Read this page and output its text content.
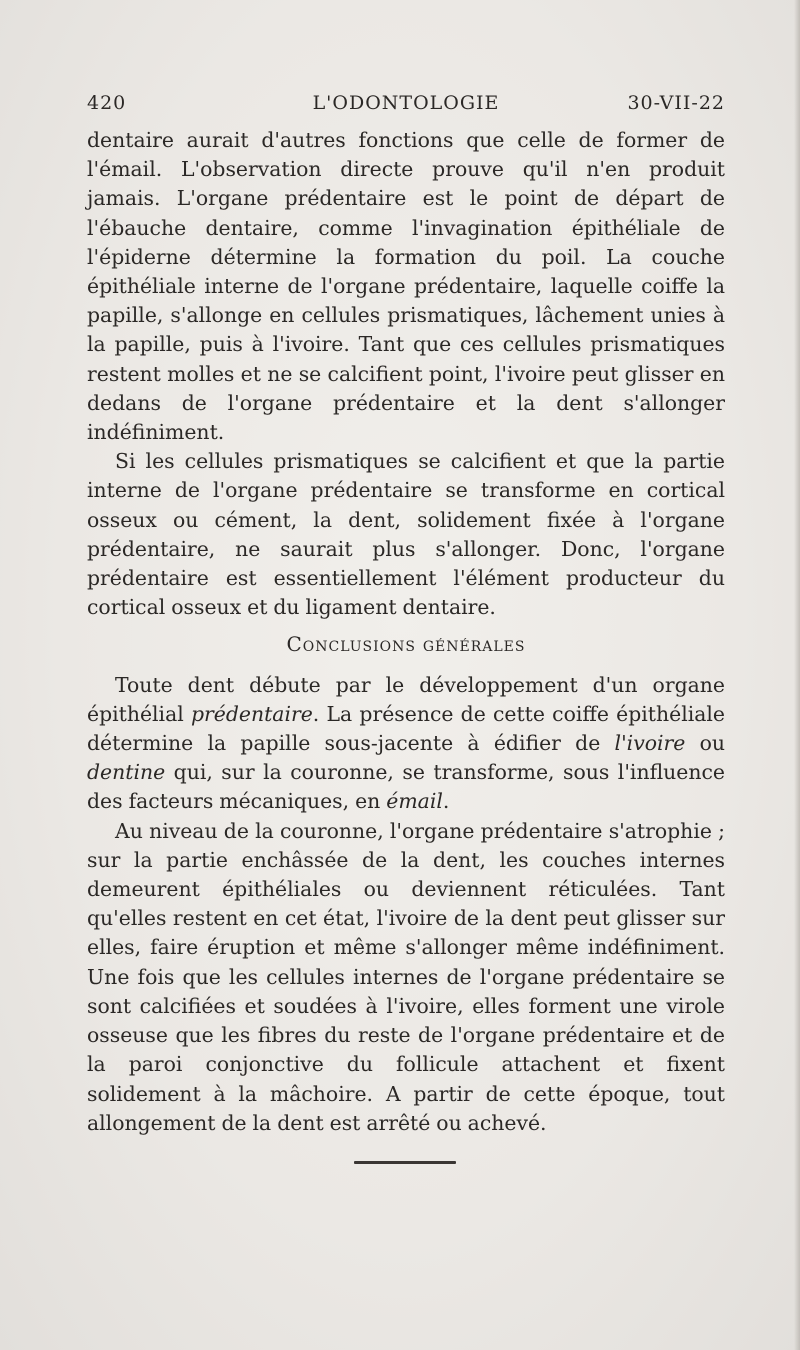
420	L'ODONTOLOGIE	30-VII-22

dentaire aurait d'autres fonctions que celle de former de l'émail. L'observation directe prouve qu'il n'en produit jamais. L'organe prédentaire est le point de départ de l'ébauche dentaire, comme l'invagination épithéliale de l'épiderne détermine la formation du poil. La couche épithéliale interne de l'organe prédentaire, laquelle coiffe la papille, s'allonge en cellules prismatiques, lâchement unies à la papille, puis à l'ivoire. Tant que ces cellules prismatiques restent molles et ne se calcifient point, l'ivoire peut glisser en dedans de l'organe prédentaire et la dent s'allonger indéfiniment.

Si les cellules prismatiques se calcifient et que la partie interne de l'organe prédentaire se transforme en cortical osseux ou cément, la dent, solidement fixée à l'organe prédentaire, ne saurait plus s'allonger. Donc, l'organe prédentaire est essentiellement l'élément producteur du cortical osseux et du ligament dentaire.

Conclusions générales

Toute dent débute par le développement d'un organe épithélial prédentaire. La présence de cette coiffe épithéliale détermine la papille sous-jacente à édifier de l'ivoire ou dentine qui, sur la couronne, se transforme, sous l'influence des facteurs mécaniques, en émail.

Au niveau de la couronne, l'organe prédentaire s'atrophie ; sur la partie enchâssée de la dent, les couches internes demeurent épithéliales ou deviennent réticulées. Tant qu'elles restent en cet état, l'ivoire de la dent peut glisser sur elles, faire éruption et même s'allonger même indéfiniment. Une fois que les cellules internes de l'organe prédentaire se sont calcifiées et soudées à l'ivoire, elles forment une virole osseuse que les fibres du reste de l'organe prédentaire et de la paroi conjonctive du follicule attachent et fixent solidement à la mâchoire. A partir de cette époque, tout allongement de la dent est arrêté ou achevé.
